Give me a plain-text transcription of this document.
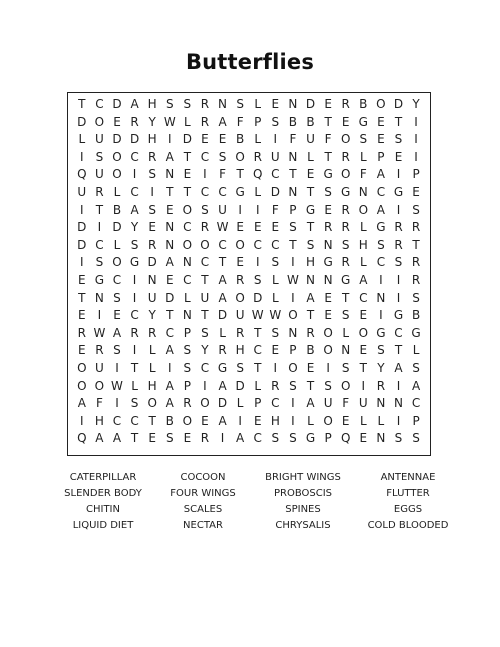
Butterflies
T C D A H S S R N S L E N D E R B O D Y
D O E R Y W L R A F P S B B T E G E T	I
L U D D H I D E E B L	I	F U F O S E S	I
I	S O C R A T C S O R U N L T R L P E	I
Q U O I	S N E	I	F T Q C T E G O F A I	P
U R L C I	T T C C G L D N T S G N C G E
I	T B A S E O S U I	I	F P G E R O A I	S
D I D Y E N C R W E E E S T R R L G R R
D C L S R N O O C O C C T S N S H S R T
I	S O G D A N C T E	I	S	I H G R L C S R
E G C I N E C T A R S L W N N G A I	I R
T N S	I U D L U A O D L	I A E T C N I	S
E	I	E C Y T N T D U W W O T E S E	I G B
R W A R R C P S L R T S N R O L O G C G
E R S	I	L A S Y R H C E P B O N E S T L
O U I	T L	I	S C G S T	I O E	I	S T Y A S
O O W L H A P	I A D L R S T S O I R I A
A F	I	S O A R O D L P C I A U F U N N C
I H C C T B O E A I	E H I	L O E L L	I	P
Q A A T E S E R I A C S S G P Q E N S S
CATERPILLAR	COCOON	BRIGHT WINGS	ANTENNAE
SLENDER BODY	FOUR WINGS	PROBOSCIS	FLUTTER
CHITIN	SCALES	SPINES	EGGS
LIQUID DIET	NECTAR	CHRYSALIS	COLD BLOODED
